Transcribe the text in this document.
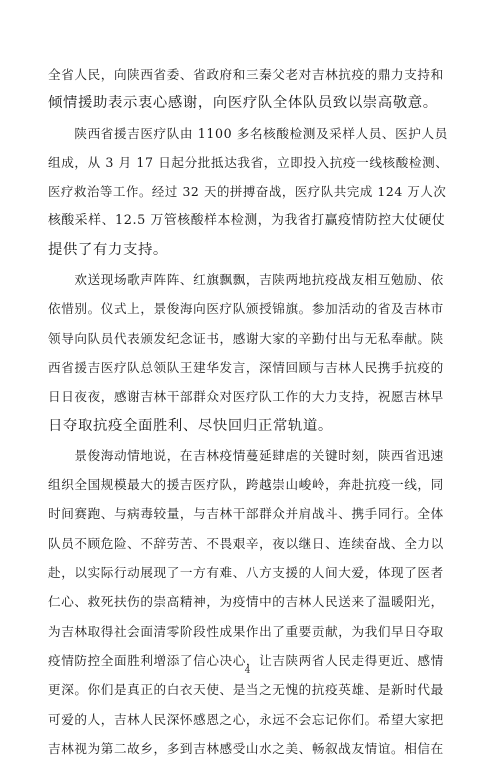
全省人民，向陕西省委、省政府和三秦父老对吉林抗疫的鼎力支持和
倾情援助表示衷心感谢，向医疗队全体队员致以崇高敬意。
　　陕西省援吉医疗队由 1100 多名核酸检测及采样人员、医护人员
组成，从 3 月 17 日起分批抵达我省，立即投入抗疫一线核酸检测、
医疗救治等工作。经过 32 天的拼搏奋战，医疗队共完成 124 万人次
核酸采样、12.5 万管核酸样本检测，为我省打赢疫情防控大仗硬仗
提供了有力支持。
　　欢送现场歌声阵阵、红旗飘飘，吉陕两地抗疫战友相互勉励、依
依惜别。仪式上，景俊海向医疗队颁授锦旗。参加活动的省及吉林市
领导向队员代表颁发纪念证书，感谢大家的辛勤付出与无私奉献。陕
西省援吉医疗队总领队王建华发言，深情回顾与吉林人民携手抗疫的
日日夜夜，感谢吉林干部群众对医疗队工作的大力支持，祝愿吉林早
日夺取抗疫全面胜利、尽快回归正常轨道。
　　景俊海动情地说，在吉林疫情蔓延肆虐的关键时刻，陕西省迅速
组织全国规模最大的援吉医疗队，跨越崇山峻岭，奔赴抗疫一线，同
时间赛跑、与病毒较量，与吉林干部群众并肩战斗、携手同行。全体
队员不顾危险、不辞劳苦、不畏艰辛，夜以继日、连续奋战、全力以
赴，以实际行动展现了一方有难、八方支援的人间大爱，体现了医者
仁心、救死扶伤的崇高精神，为疫情中的吉林人民送来了温暖阳光，
为吉林取得社会面清零阶段性成果作出了重要贡献，为我们早日夺取
疫情防控全面胜利增添了信心决心，让吉陕两省人民走得更近、感情
更深。你们是真正的白衣天使、是当之无愧的抗疫英雄、是新时代最
可爱的人，吉林人民深怀感恩之心，永远不会忘记你们。希望大家把
吉林视为第二故乡，多到吉林感受山水之美、畅叙战友情谊。相信在
4
